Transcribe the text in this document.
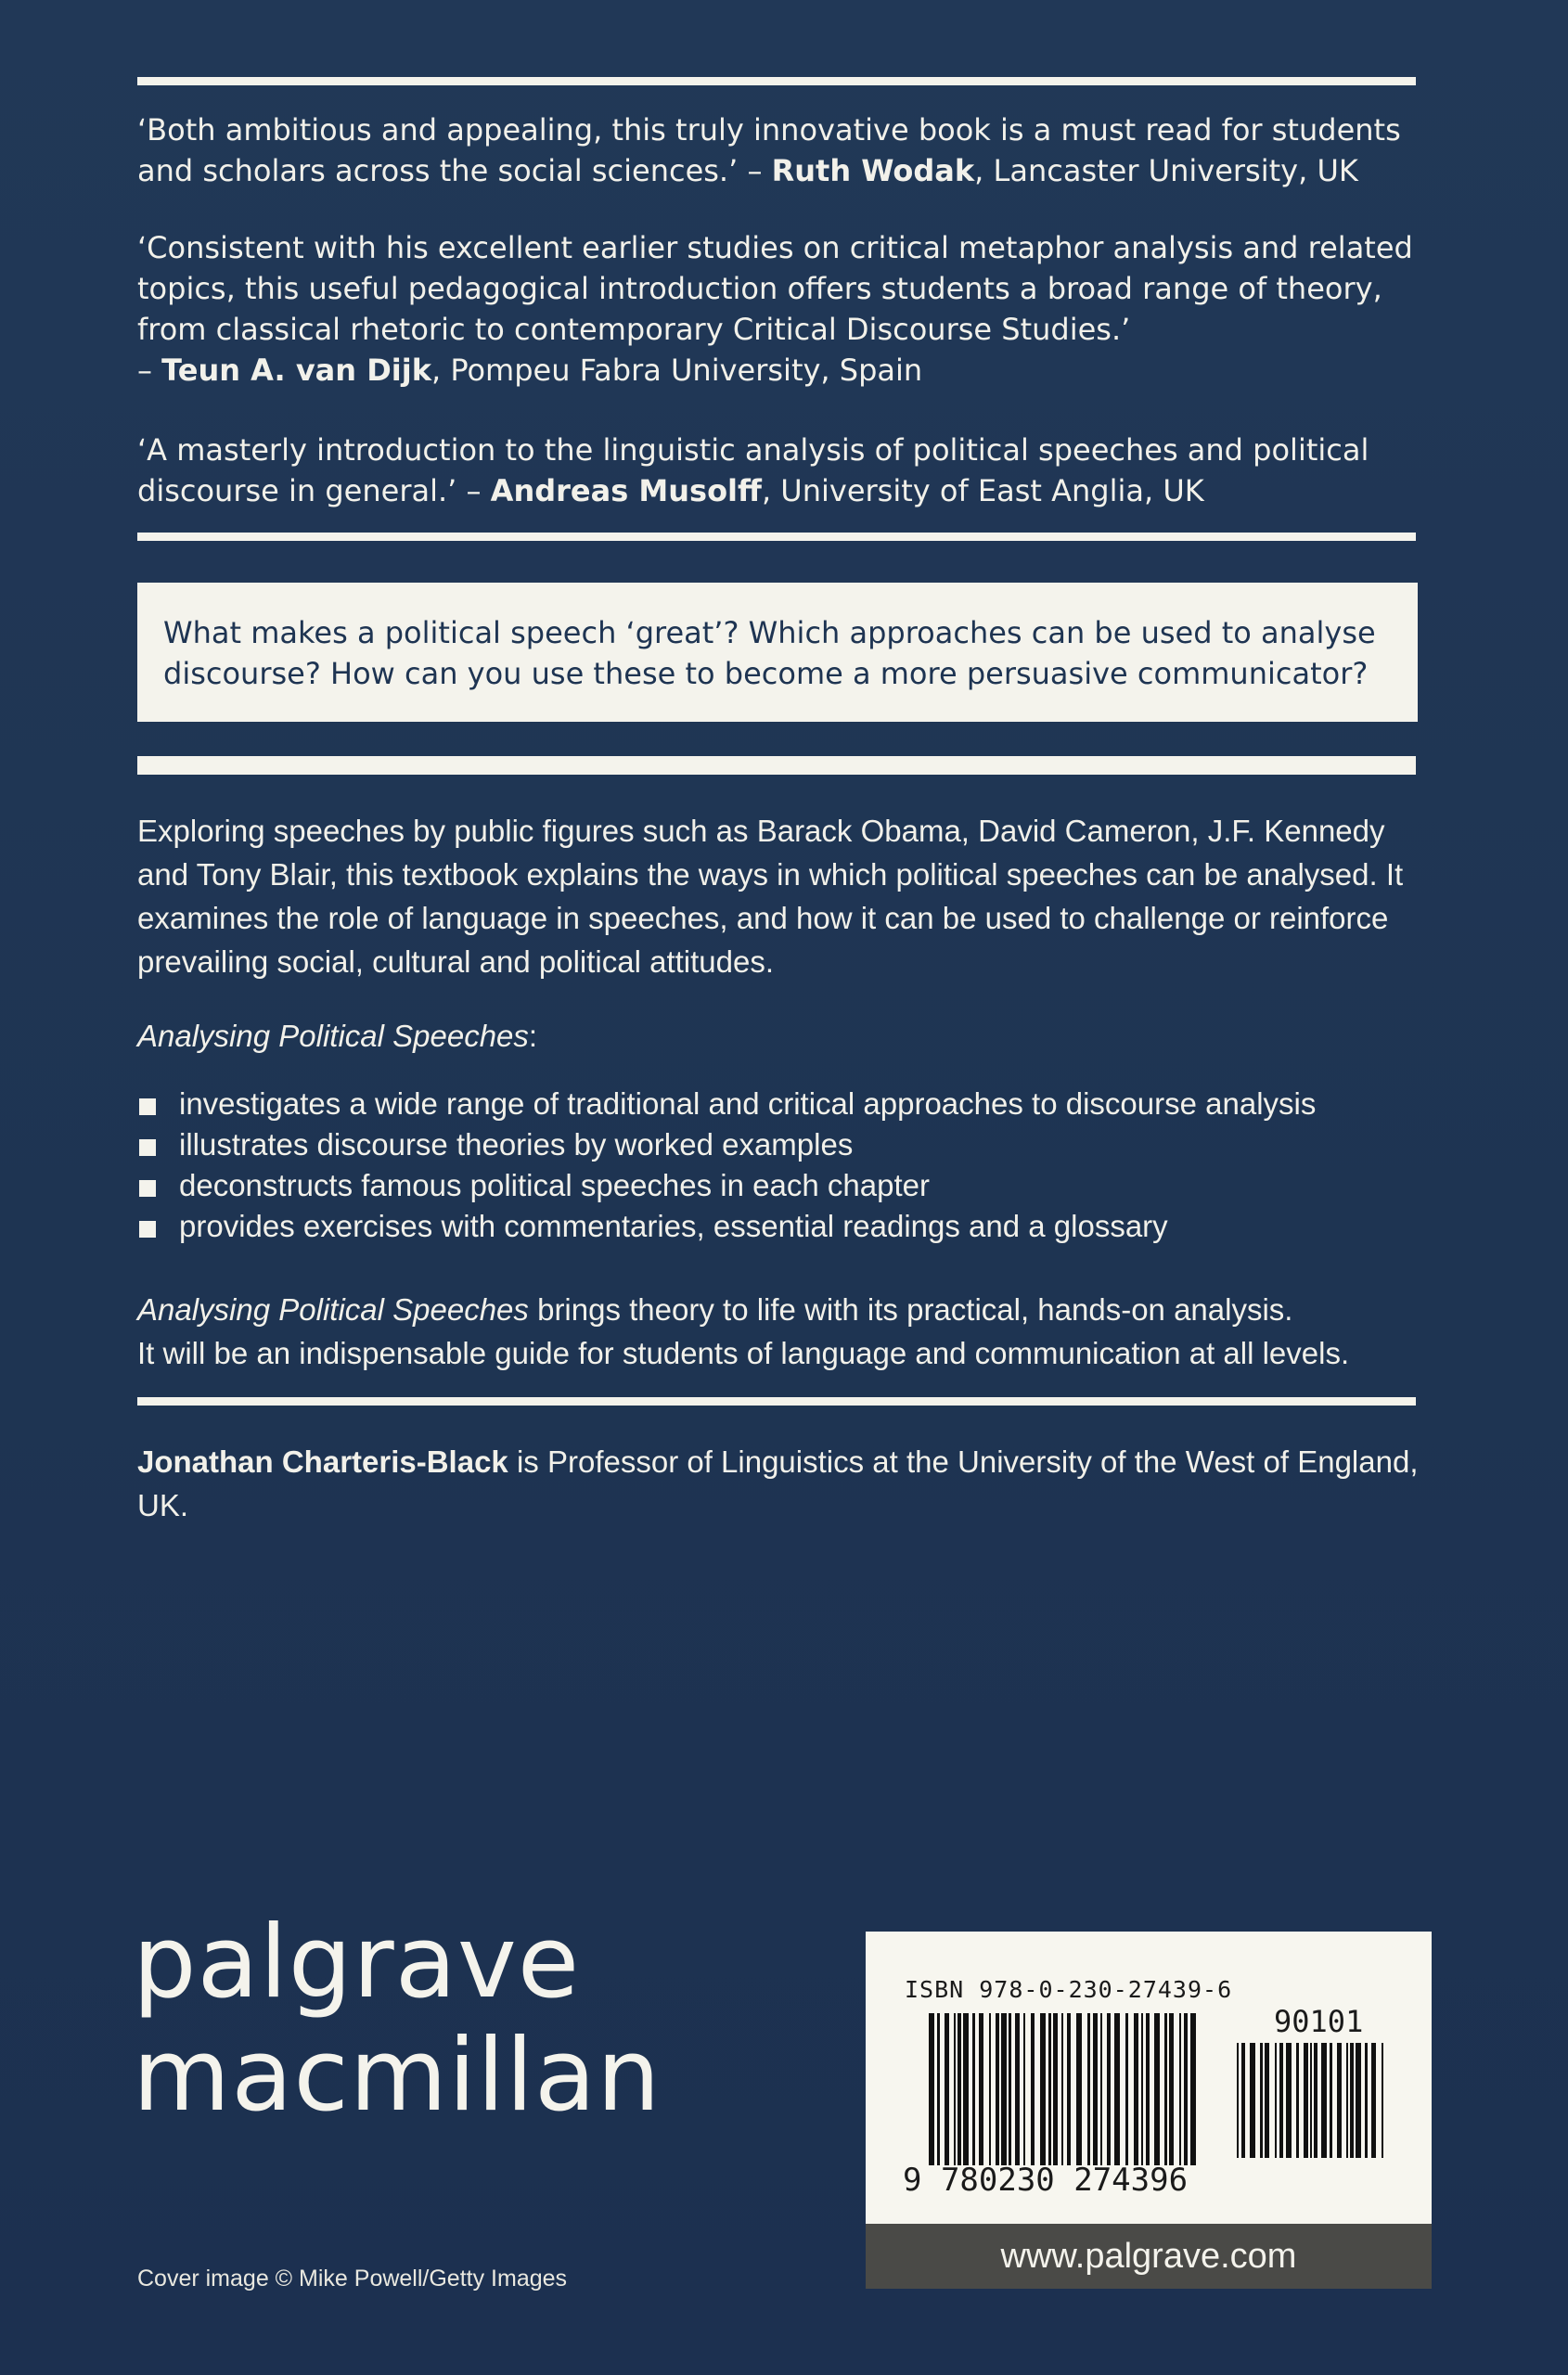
‘Both ambitious and appealing, this truly innovative book is a must read for students and scholars across the social sciences.’ – Ruth Wodak, Lancaster University, UK
‘Consistent with his excellent earlier studies on critical metaphor analysis and related topics, this useful pedagogical introduction offers students a broad range of theory, from classical rhetoric to contemporary Critical Discourse Studies.’
– Teun A. van Dijk, Pompeu Fabra University, Spain
‘A masterly introduction to the linguistic analysis of political speeches and political discourse in general.’ – Andreas Musolff, University of East Anglia, UK
What makes a political speech ‘great’? Which approaches can be used to analyse discourse? How can you use these to become a more persuasive communicator?
Exploring speeches by public figures such as Barack Obama, David Cameron, J.F. Kennedy and Tony Blair, this textbook explains the ways in which political speeches can be analysed. It examines the role of language in speeches, and how it can be used to challenge or reinforce prevailing social, cultural and political attitudes.
Analysing Political Speeches:
investigates a wide range of traditional and critical approaches to discourse analysis
illustrates discourse theories by worked examples
deconstructs famous political speeches in each chapter
provides exercises with commentaries, essential readings and a glossary
Analysing Political Speeches brings theory to life with its practical, hands-on analysis.
It will be an indispensable guide for students of language and communication at all levels.
Jonathan Charteris-Black is Professor of Linguistics at the University of the West of England, UK.
palgrave
macmillan
Cover image © Mike Powell/Getty Images
ISBN 978-0-230-27439-6
90101
9 780230 274396
www.palgrave.com
